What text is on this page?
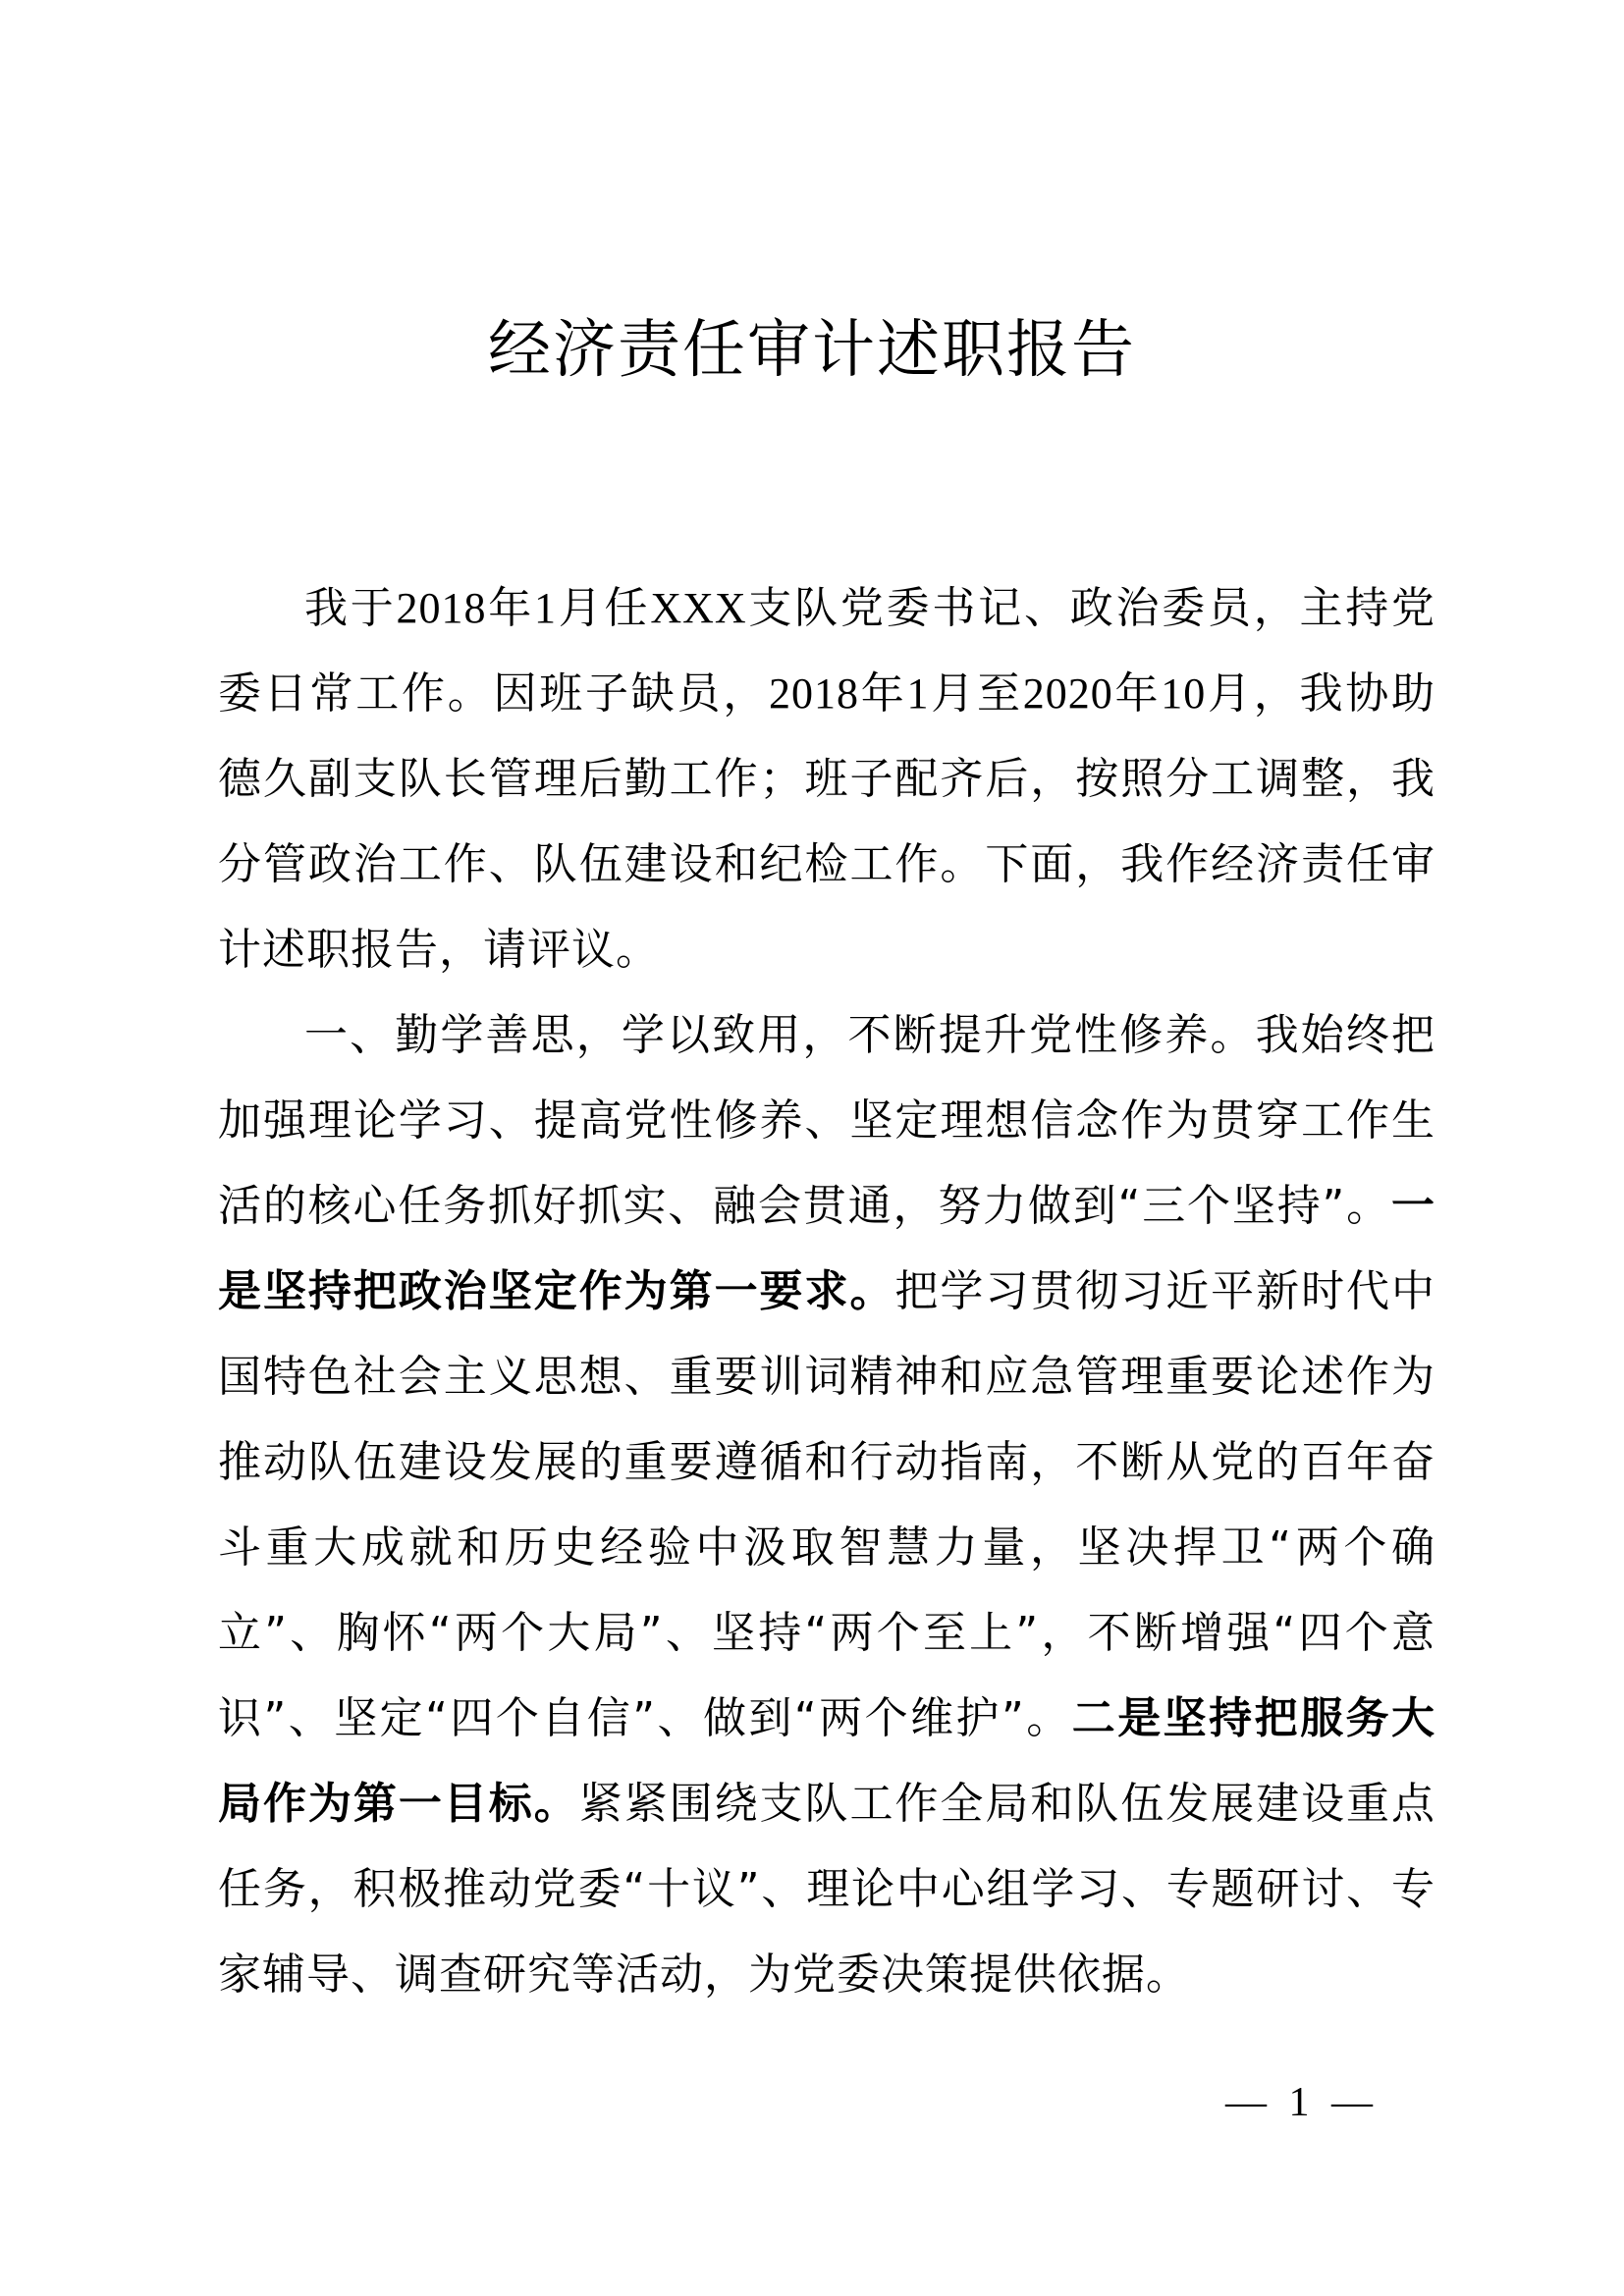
经济责任审计述职报告

我于2018年1月任XXX支队党委书记、政治委员，主持党委日常工作。因班子缺员，2018年1月至2020年10月，我协助德久副支队长管理后勤工作；班子配齐后，按照分工调整，我分管政治工作、队伍建设和纪检工作。下面，我作经济责任审计述职报告，请评议。

一、勤学善思，学以致用，不断提升党性修养。我始终把加强理论学习、提高党性修养、坚定理想信念作为贯穿工作生活的核心任务抓好抓实、融会贯通，努力做到“三个坚持”。一是坚持把政治坚定作为第一要求。把学习贯彻习近平新时代中国特色社会主义思想、重要训词精神和应急管理重要论述作为推动队伍建设发展的重要遵循和行动指南，不断从党的百年奋斗重大成就和历史经验中汲取智慧力量，坚决捍卫“两个确立”、胸怀“两个大局”、坚持“两个至上”，不断增强“四个意识”、坚定“四个自信”、做到“两个维护”。二是坚持把服务大局作为第一目标。紧紧围绕支队工作全局和队伍发展建设重点任务，积极推动党委“十议”、理论中心组学习、专题研讨、专家辅导、调查研究等活动，为党委决策提供依据。

— 1 —
